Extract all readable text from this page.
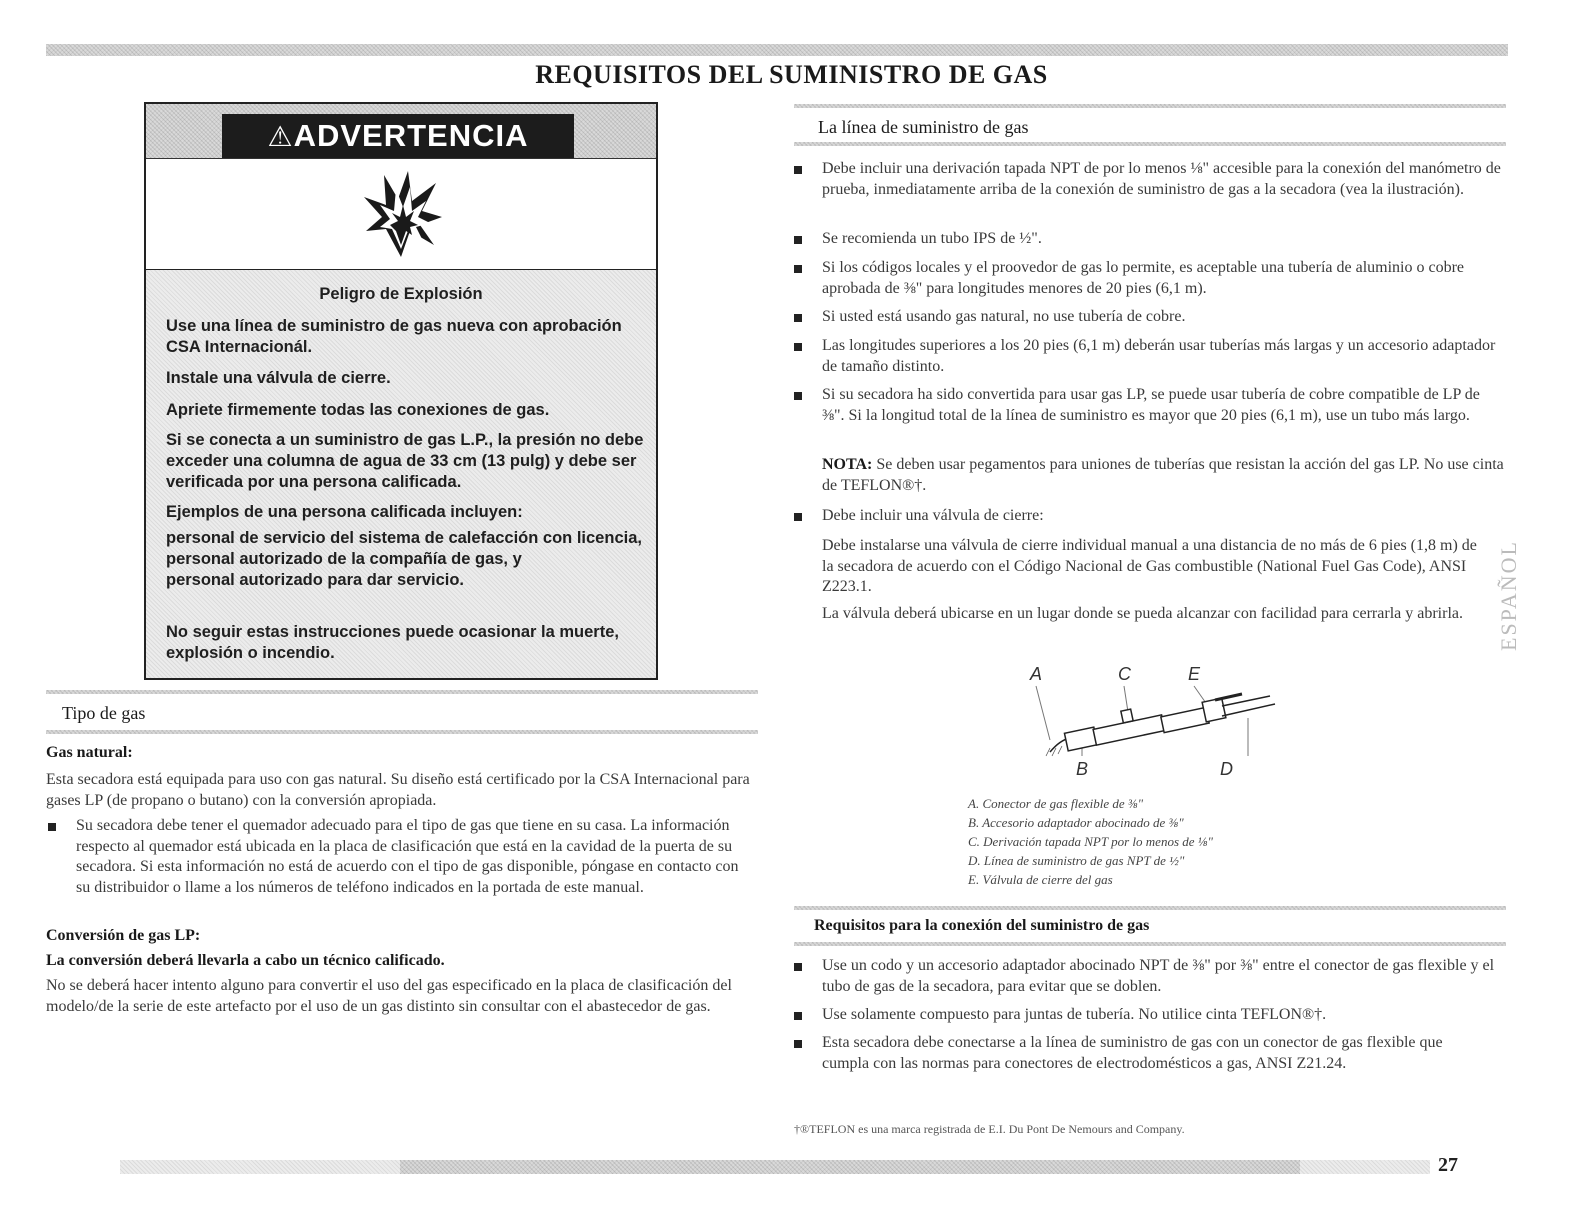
REQUISITOS DEL SUMINISTRO DE GAS
⚠ADVERTENCIA
Peligro de Explosión
Use una línea de suministro de gas nueva con aprobación CSA Internacionál.
Instale una válvula de cierre.
Apriete firmemente todas las conexiones de gas.
Si se conecta a un suministro de gas L.P., la presión no debe exceder una columna de agua de 33 cm (13 pulg) y debe ser verificada por una persona calificada.
Ejemplos de una persona calificada incluyen:
personal de servicio del sistema de calefacción con licencia,
personal autorizado de la compañía de gas, y
personal autorizado para dar servicio.
No seguir estas instrucciones puede ocasionar la muerte, explosión o incendio.
Tipo de gas
Gas natural:
Esta secadora está equipada para uso con gas natural. Su diseño está certificado por la CSA Internacional para gases LP (de propano o butano) con la conversión apropiada.
Su secadora debe tener el quemador adecuado para el tipo de gas que tiene en su casa. La información respecto al quemador está ubicada en la placa de clasificación que está en la cavidad de la puerta de su secadora. Si esta información no está de acuerdo con el tipo de gas disponible, póngase en contacto con su distribuidor o llame a los números de teléfono indicados en la portada de este manual.
Conversión de gas LP:
La conversión deberá llevarla a cabo un técnico calificado.
No se deberá hacer intento alguno para convertir el uso del gas especificado en la placa de clasificación del modelo/de la serie de este artefacto por el uso de un gas distinto sin consultar con el abastecedor de gas.
La línea de suministro de gas
Debe incluir una derivación tapada NPT de por lo menos ⅛" accesible para la conexión del manómetro de prueba, inmediatamente arriba de la conexión de suministro de gas a la secadora (vea la ilustración).
Se recomienda un tubo IPS de ½".
Si los códigos locales y el proovedor de gas lo permite, es aceptable una tubería de aluminio o cobre aprobada de ⅜" para longitudes menores de 20 pies (6,1 m).
Si usted está usando gas natural, no use tubería de cobre.
Las longitudes superiores a los 20 pies (6,1 m) deberán usar tuberías más largas y un accesorio adaptador de tamaño distinto.
Si su secadora ha sido convertida para usar gas LP, se puede usar tubería de cobre compatible de LP de ⅜". Si la longitud total de la línea de suministro es mayor que 20 pies (6,1 m), use un tubo más largo.
NOTA: Se deben usar pegamentos para uniones de tuberías que resistan la acción del gas LP. No use cinta de TEFLON®†.
Debe incluir una válvula de cierre:
Debe instalarse una válvula de cierre individual manual a una distancia de no más de 6 pies (1,8 m) de la secadora de acuerdo con el Código Nacional de Gas combustible (National Fuel Gas Code), ANSI Z223.1.
La válvula deberá ubicarse en un lugar donde se pueda alcanzar con facilidad para cerrarla y abrirla.
A	C	E
B	D
A. Conector de gas flexible de ⅜"
B. Accesorio adaptador abocinado de ⅜"
C. Derivación tapada NPT por lo menos de ⅛"
D. Línea de suministro de gas NPT de ½"
E. Válvula de cierre del gas
Requisitos para la conexión del suministro de gas
Use un codo y un accesorio adaptador abocinado NPT de ⅜" por ⅜" entre el conector de gas flexible y el tubo de gas de la secadora, para evitar que se doblen.
Use solamente compuesto para juntas de tubería. No utilice cinta TEFLON®†.
Esta secadora debe conectarse a la línea de suministro de gas con un conector de gas flexible que cumpla con las normas para conectores de electrodomésticos a gas, ANSI Z21.24.
†®TEFLON es una marca registrada de E.I. Du Pont De Nemours and Company.
27
ESPAÑOL
